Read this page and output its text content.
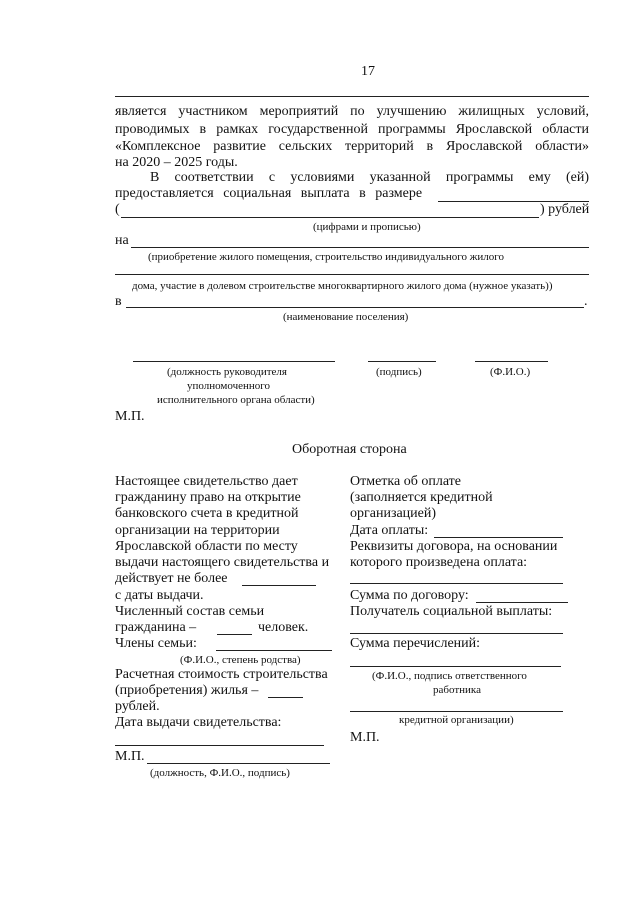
17
является участником мероприятий по улучшению жилищных условий,
проводимых в рамках государственной программы Ярославской области
«Комплексное развитие сельских территорий в Ярославской области»
на 2020 – 2025 годы.
В соответствии с условиями указанной программы ему (ей)
предоставляется социальная выплата в размере
(	) рублей
(цифрами и прописью)
на
(приобретение жилого помещения, строительство индивидуального жилого
дома, участие в долевом строительстве многоквартирного жилого дома (нужное указать))
в	.
(наименование поселения)
(должность руководителя
уполномоченного
исполнительного органа области)
(подпись)	(Ф.И.О.)
М.П.
Оборотная сторона
Настоящее свидетельство дает
гражданину право на открытие
банковского счета в кредитной
организации на территории
Ярославской области по месту
выдачи настоящего свидетельства и
действует не более
с даты выдачи.
Численный состав семьи
гражданина –	человек.
Члены семьи:
(Ф.И.О., степень родства)
Расчетная стоимость строительства
(приобретения) жилья –
рублей.
Дата выдачи свидетельства:
М.П.
(должность, Ф.И.О., подпись)
Отметка об оплате
(заполняется кредитной
организацией)
Дата оплаты:
Реквизиты договора, на основании
которого произведена оплата:
Сумма по договору:
Получатель социальной выплаты:
Сумма перечислений:
(Ф.И.О., подпись ответственного
работника
кредитной организации)
М.П.
